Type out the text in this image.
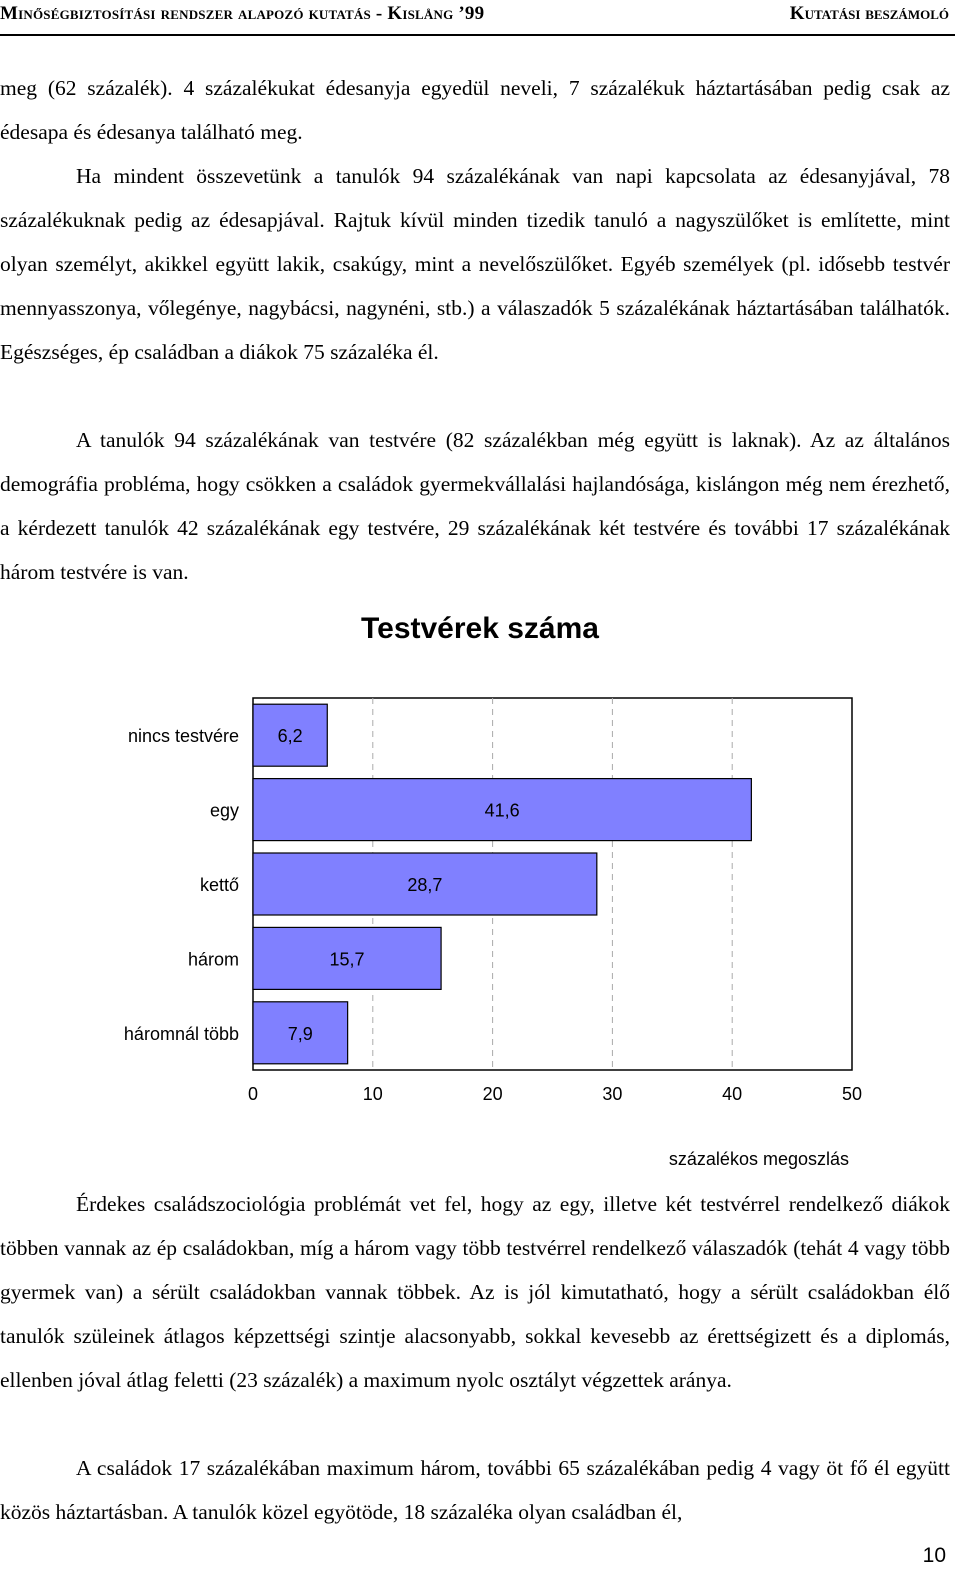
Minőségbiztosítási rendszer alapozó kutatás - Kislång ’99	Kutatási beszámoló

meg (62 százalék). 4 százalékukat édesanyja egyedül neveli, 7 százalékuk háztartásában pedig csak az édesapa és édesanya található meg.

Ha mindent összevetünk a tanulók 94 százalékának van napi kapcsolata az édesanyjával, 78 százalékuknak pedig az édesapjával. Rajtuk kívül minden tizedik tanuló a nagyszülőket is említette, mint olyan személyt, akikkel együtt lakik, csakúgy, mint a nevelőszülőket. Egyéb személyek (pl. idősebb testvér mennyasszonya, vőlegénye, nagybácsi, nagynéni, stb.) a válaszadók 5 százalékának háztartásában találhatók. Egészséges, ép családban a diákok 75 százaléka él.

A tanulók 94 százalékának van testvére (82 százalékban még együtt is laknak). Az az általános demográfia probléma, hogy csökken a családok gyermekvállalási hajlandósága, kislángon még nem érezhető, a kérdezett tanulók 42 százalékának egy testvére, 29 százalékának két testvére és további 17 százalékának három testvére is van.

Testvérek száma
nincs testvére 6,2
egy	41,6
kettő	28,7
három	15,7
háromnál több	7,9
0	10	20	30	40	50
százalékos megoszlás

Érdekes családszociológia problémát vet fel, hogy az egy, illetve két testvérrel rendelkező diákok többen vannak az ép családokban, míg a három vagy több testvérrel rendelkező válaszadók (tehát 4 vagy több gyermek van) a sérült családokban vannak többek. Az is jól kimutatható, hogy a sérült családokban élő tanulók szüleinek átlagos képzettségi szintje alacsonyabb, sokkal kevesebb az érettségizett és a diplomás, ellenben jóval átlag feletti (23 százalék) a maximum nyolc osztályt végzettek aránya.

A családok 17 százalékában maximum három, további 65 százalékában pedig 4 vagy öt fő él együtt közös háztartásban. A tanulók közel egyötöde, 18 százaléka olyan családban él,

10
